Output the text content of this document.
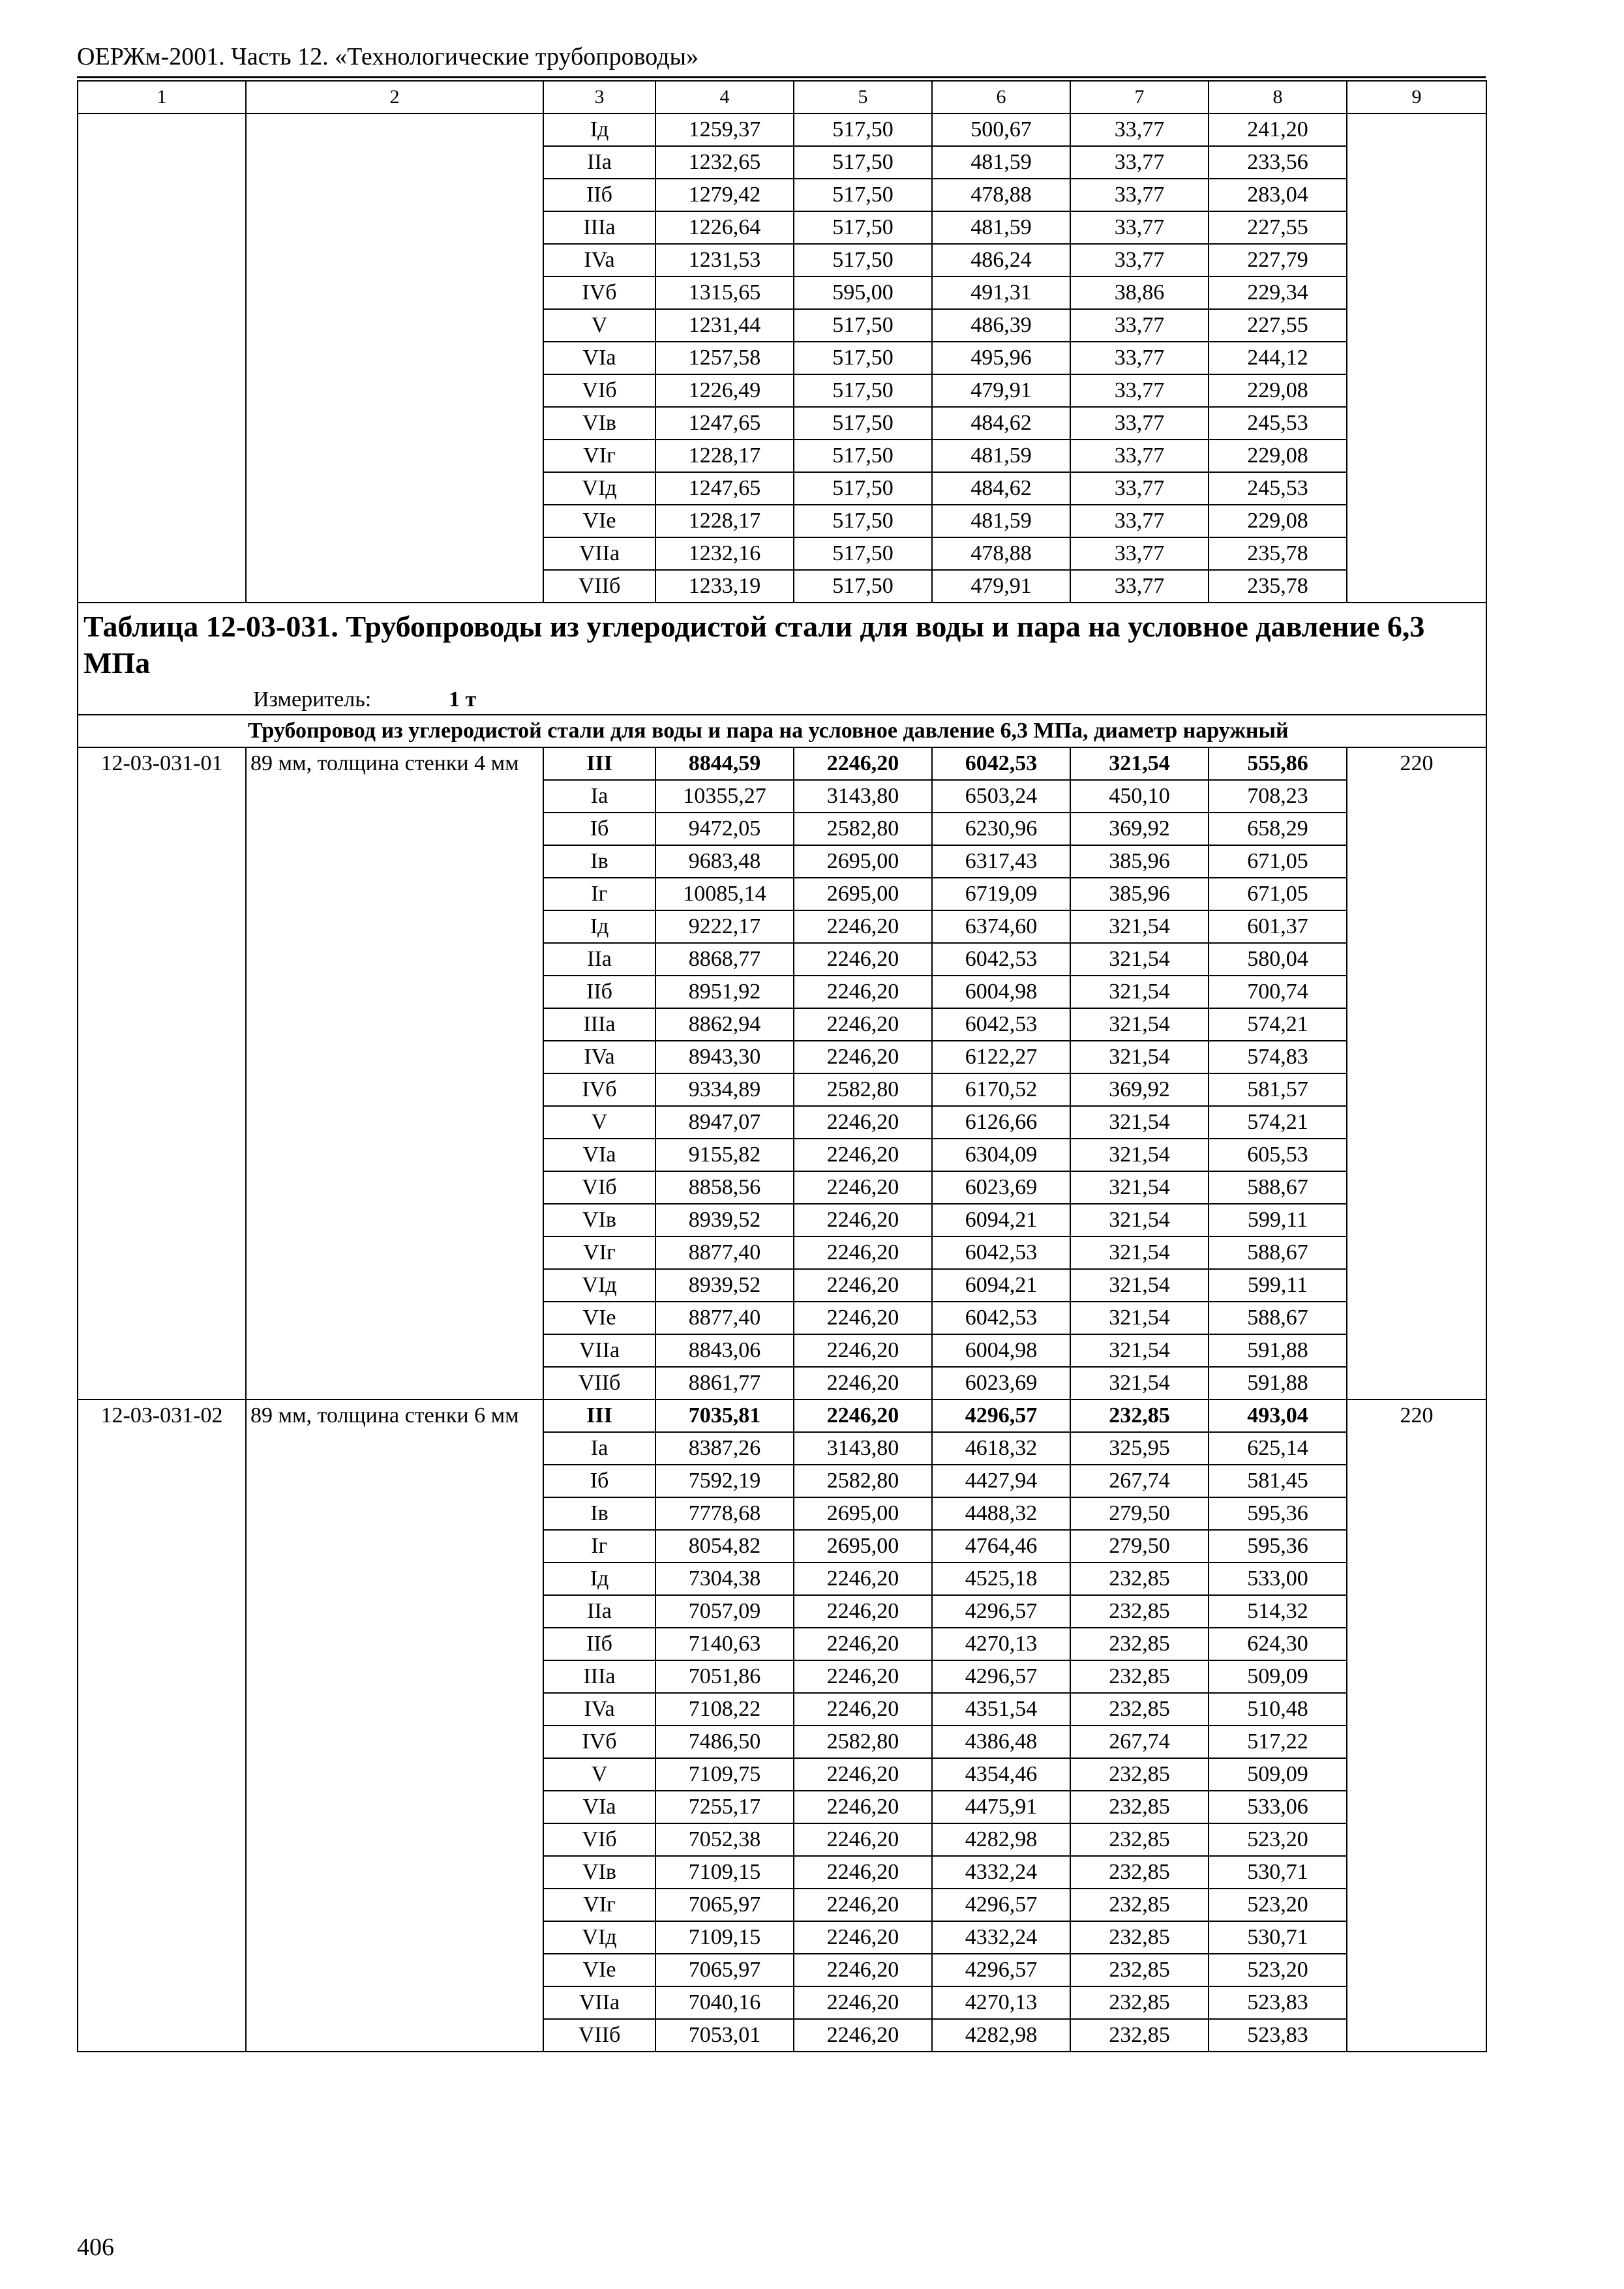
ОЕРЖм-2001. Часть 12. «Технологические трубопроводы»
1	2	3	4	5	6	7	8	9
		Iд	1259,37	517,50	500,67	33,77	241,20	
		IIa	1232,65	517,50	481,59	33,77	233,56	
		IIб	1279,42	517,50	478,88	33,77	283,04	
		IIIa	1226,64	517,50	481,59	33,77	227,55	
		IVa	1231,53	517,50	486,24	33,77	227,79	
		IVб	1315,65	595,00	491,31	38,86	229,34	
		V	1231,44	517,50	486,39	33,77	227,55	
		VIa	1257,58	517,50	495,96	33,77	244,12	
		VIб	1226,49	517,50	479,91	33,77	229,08	
		VIв	1247,65	517,50	484,62	33,77	245,53	
		VIг	1228,17	517,50	481,59	33,77	229,08	
		VIд	1247,65	517,50	484,62	33,77	245,53	
		VIe	1228,17	517,50	481,59	33,77	229,08	
		VIIa	1232,16	517,50	478,88	33,77	235,78	
		VIIб	1233,19	517,50	479,91	33,77	235,78	

Таблица 12-03-031. Трубопроводы из углеродистой стали для воды и пара на условное давление 6,3 МПа
Измеритель: 1 т								

Трубопровод из углеродистой стали для воды и пара на условное давление 6,3 МПа, диаметр наружный								
12-03-031-01	89 мм, толщина стенки 4 мм	III	8844,59	2246,20	6042,53	321,54	555,86	220
		Ia	10355,27	3143,80	6503,24	450,10	708,23	
		Iб	9472,05	2582,80	6230,96	369,92	658,29	
		Iв	9683,48	2695,00	6317,43	385,96	671,05	
		Iг	10085,14	2695,00	6719,09	385,96	671,05	
		Iд	9222,17	2246,20	6374,60	321,54	601,37	
		IIa	8868,77	2246,20	6042,53	321,54	580,04	
		IIб	8951,92	2246,20	6004,98	321,54	700,74	
		IIIa	8862,94	2246,20	6042,53	321,54	574,21	
		IVa	8943,30	2246,20	6122,27	321,54	574,83	
		IVб	9334,89	2582,80	6170,52	369,92	581,57	
		V	8947,07	2246,20	6126,66	321,54	574,21	
		VIa	9155,82	2246,20	6304,09	321,54	605,53	
		VIб	8858,56	2246,20	6023,69	321,54	588,67	
		VIв	8939,52	2246,20	6094,21	321,54	599,11	
		VIг	8877,40	2246,20	6042,53	321,54	588,67	
		VIд	8939,52	2246,20	6094,21	321,54	599,11	
		VIe	8877,40	2246,20	6042,53	321,54	588,67	
		VIIa	8843,06	2246,20	6004,98	321,54	591,88	
		VIIб	8861,77	2246,20	6023,69	321,54	591,88	
12-03-031-02	89 мм, толщина стенки 6 мм	III	7035,81	2246,20	4296,57	232,85	493,04	220
		Ia	8387,26	3143,80	4618,32	325,95	625,14	
		Iб	7592,19	2582,80	4427,94	267,74	581,45	
		Iв	7778,68	2695,00	4488,32	279,50	595,36	
		Iг	8054,82	2695,00	4764,46	279,50	595,36	
		Iд	7304,38	2246,20	4525,18	232,85	533,00	
		IIa	7057,09	2246,20	4296,57	232,85	514,32	
		IIб	7140,63	2246,20	4270,13	232,85	624,30	
		IIIa	7051,86	2246,20	4296,57	232,85	509,09	
		IVa	7108,22	2246,20	4351,54	232,85	510,48	
		IVб	7486,50	2582,80	4386,48	267,74	517,22	
		V	7109,75	2246,20	4354,46	232,85	509,09	
		VIa	7255,17	2246,20	4475,91	232,85	533,06	
		VIб	7052,38	2246,20	4282,98	232,85	523,20	
		VIв	7109,15	2246,20	4332,24	232,85	530,71	
		VIг	7065,97	2246,20	4296,57	232,85	523,20	
		VIд	7109,15	2246,20	4332,24	232,85	530,71	
		VIe	7065,97	2246,20	4296,57	232,85	523,20	
		VIIa	7040,16	2246,20	4270,13	232,85	523,83	
		VIIб	7053,01	2246,20	4282,98	232,85	523,83	
406
